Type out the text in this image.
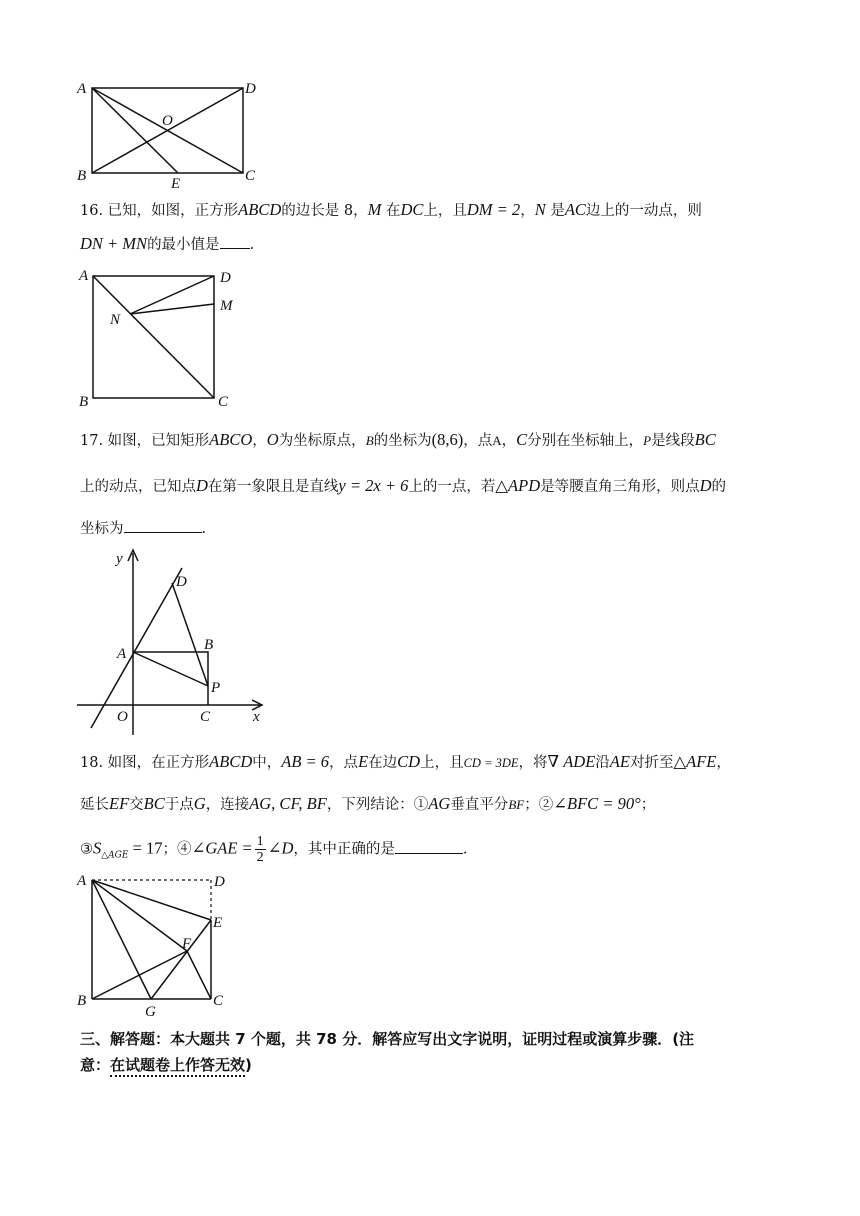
A	D
O
B	C
E
16. 已知，如图，正方形ABCD的边长是 8，M 在DC上，且DM = 2，N 是AC边上的一动点，则
DN + MN的最小值是 .
A	D
M
N
B	C
17. 如图，已知矩形ABCO，O为坐标原点，B的坐标为(8,6)，点A，C分别在坐标轴上，P是线段BC
上的动点，已知点D在第一象限且是直线y = 2x + 6上的一点，若△APD是等腰直角三角形，则点D的
坐标为	.
y
D
A
B
P
O	C	x
18. 如图，在正方形ABCD中，AB = 6，点E在边CD上，且CD = 3DE，将∇ ADE沿AE对折至△AFE，
延长EF交BC于点G，连接AG, CF, BF，下列结论：①AG垂直平分BF；②∠BFC = 90°；
$③S_{\triangle AGE} = 17$；④∠GAE = $\frac{1}{2}$ ∠D，其中正确的是	.
A	D
E
F
B
G
C
三、解答题：本大题共 7 个题，共 78 分．解答应写出文字说明，证明过程或演算步骤．(注
意：在试题卷上作答无效)
